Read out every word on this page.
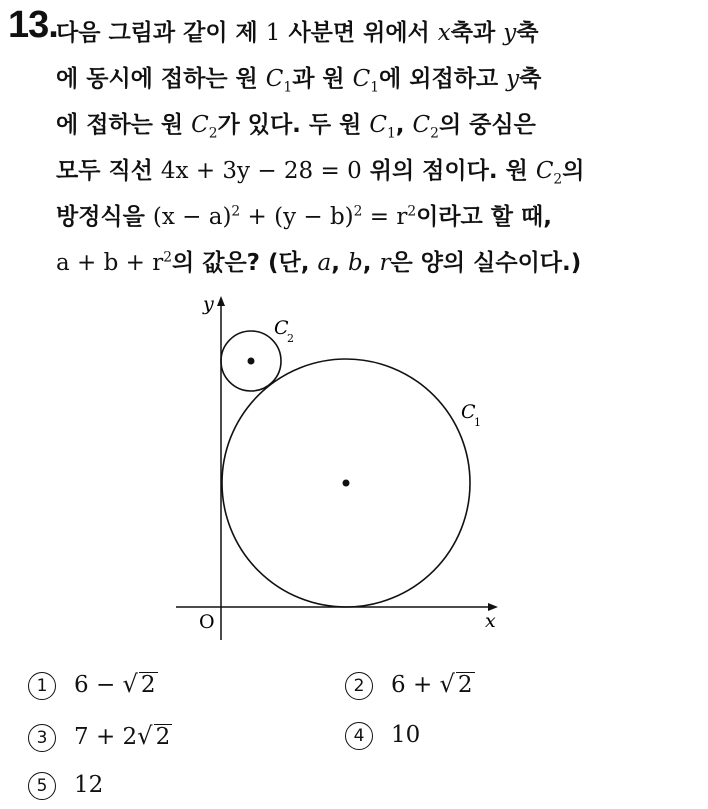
13.
다음 그림과 같이 제 1 사분면 위에서 x축과 y축
에 동시에 접하는 원 $C_1$과 원 $C_1$에 외접하고 y축
에 접하는 원 $C_2$가 있다. 두 원 $C_1$, $C_2$의 중심은
모두 직선 4x + 3y − 28 = 0 위의 점이다. 원 $C_2$의
방정식을 $(x - a)^2 + (y - b)^2 = r^2$이라고 할 때,
$a + b + r^2$의 값은? (단, a, b, r은 양의 실수이다.)
y
x
O
C
2
C
1
1 6 − √ 2	2 6 + √ 2
3 7 + 2√ 2	4 10
5 12
